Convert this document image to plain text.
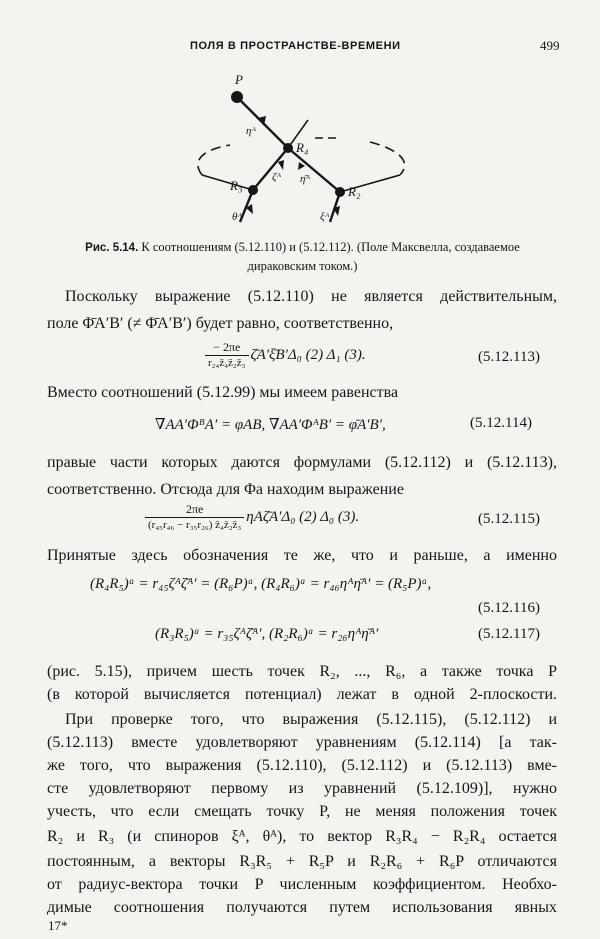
ПОЛЯ В ПРОСТРАНСТВЕ-ВРЕМЕНИ	499
P
R₄
R₃	R₂
ηᴬ
ζᴬ η̄ᴬ
θᴬ	ξᴬ
Рис. 5.14. К соотношениям (5.12.110) и (5.12.112). (Поле Максвелла, создаваемое дираковским током.)
Поскольку выражение (5.12.110) не является действительным,
поле Φ̄A′B′ (≠ Φ̄A′B′) будет равно, соответственно,
$\frac{- 2\pi e}{\text{r₂₄z̄₄z̄₂z̄₃}}$ ζ̄A′ξ̄B′Δ₀ (2) Δ₁ (3).	(5.12.113)
Вместо соотношений (5.12.99) мы имеем равенства
∇AA′ΦᴮA′ = φAB, ∇AA′ΦᴬB′ = φ̄A′B′,	(5.12.114)
правые части которых даются формулами (5.12.112) и (5.12.113),
соответственно. Отсюда для Φa находим выражение
$\frac{2\pi e}{\text{(r₄₅r₄₆ − r₃₅r₂₆) z̄₄z̄₂z̄₃}}$ ηAζ̄A′Δ₀ (2) Δ₀ (3).	(5.12.115)
Принятые здесь обозначения те же, что и раньше, а именно
(R₄R₅)ᵃ = r₄₅ζᴬζ̄ᴬ′ = (R₆P)ᵃ, (R₄R₆)ᵃ = r₄₆ηᴬη̄ᴬ′ = (R₅P)ᵃ,
(5.12.116)
(R₃R₅)ᵃ = r₃₅ζᴬζ̄ᴬ′, (R₂R₆)ᵃ = r₂₆ηᴬη̄ᴬ′	(5.12.117)
(рис. 5.15), причем шесть точек R₂, ..., R₆, а также точка P
(в которой вычисляется потенциал) лежат в одной 2-плоскости.
При проверке того, что выражения (5.12.115), (5.12.112) и
(5.12.113) вместе удовлетворяют уравнениям (5.12.114) [а так-
же того, что выражения (5.12.110), (5.12.112) и (5.12.113) вме-
сте удовлетворяют первому из уравнений (5.12.109)], нужно
учесть, что если смещать точку P, не меняя положения точек
R₂ и R₃ (и спиноров ξᴬ, θᴬ), то вектор R₃R₄ − R₂R₄ остается
постоянным, а векторы R₃R₅ + R₅P и R₂R₆ + R₆P отличаются
от радиус-вектора точки P численным коэффициентом. Необхо-
димые соотношения получаются путем использования явных
17*
